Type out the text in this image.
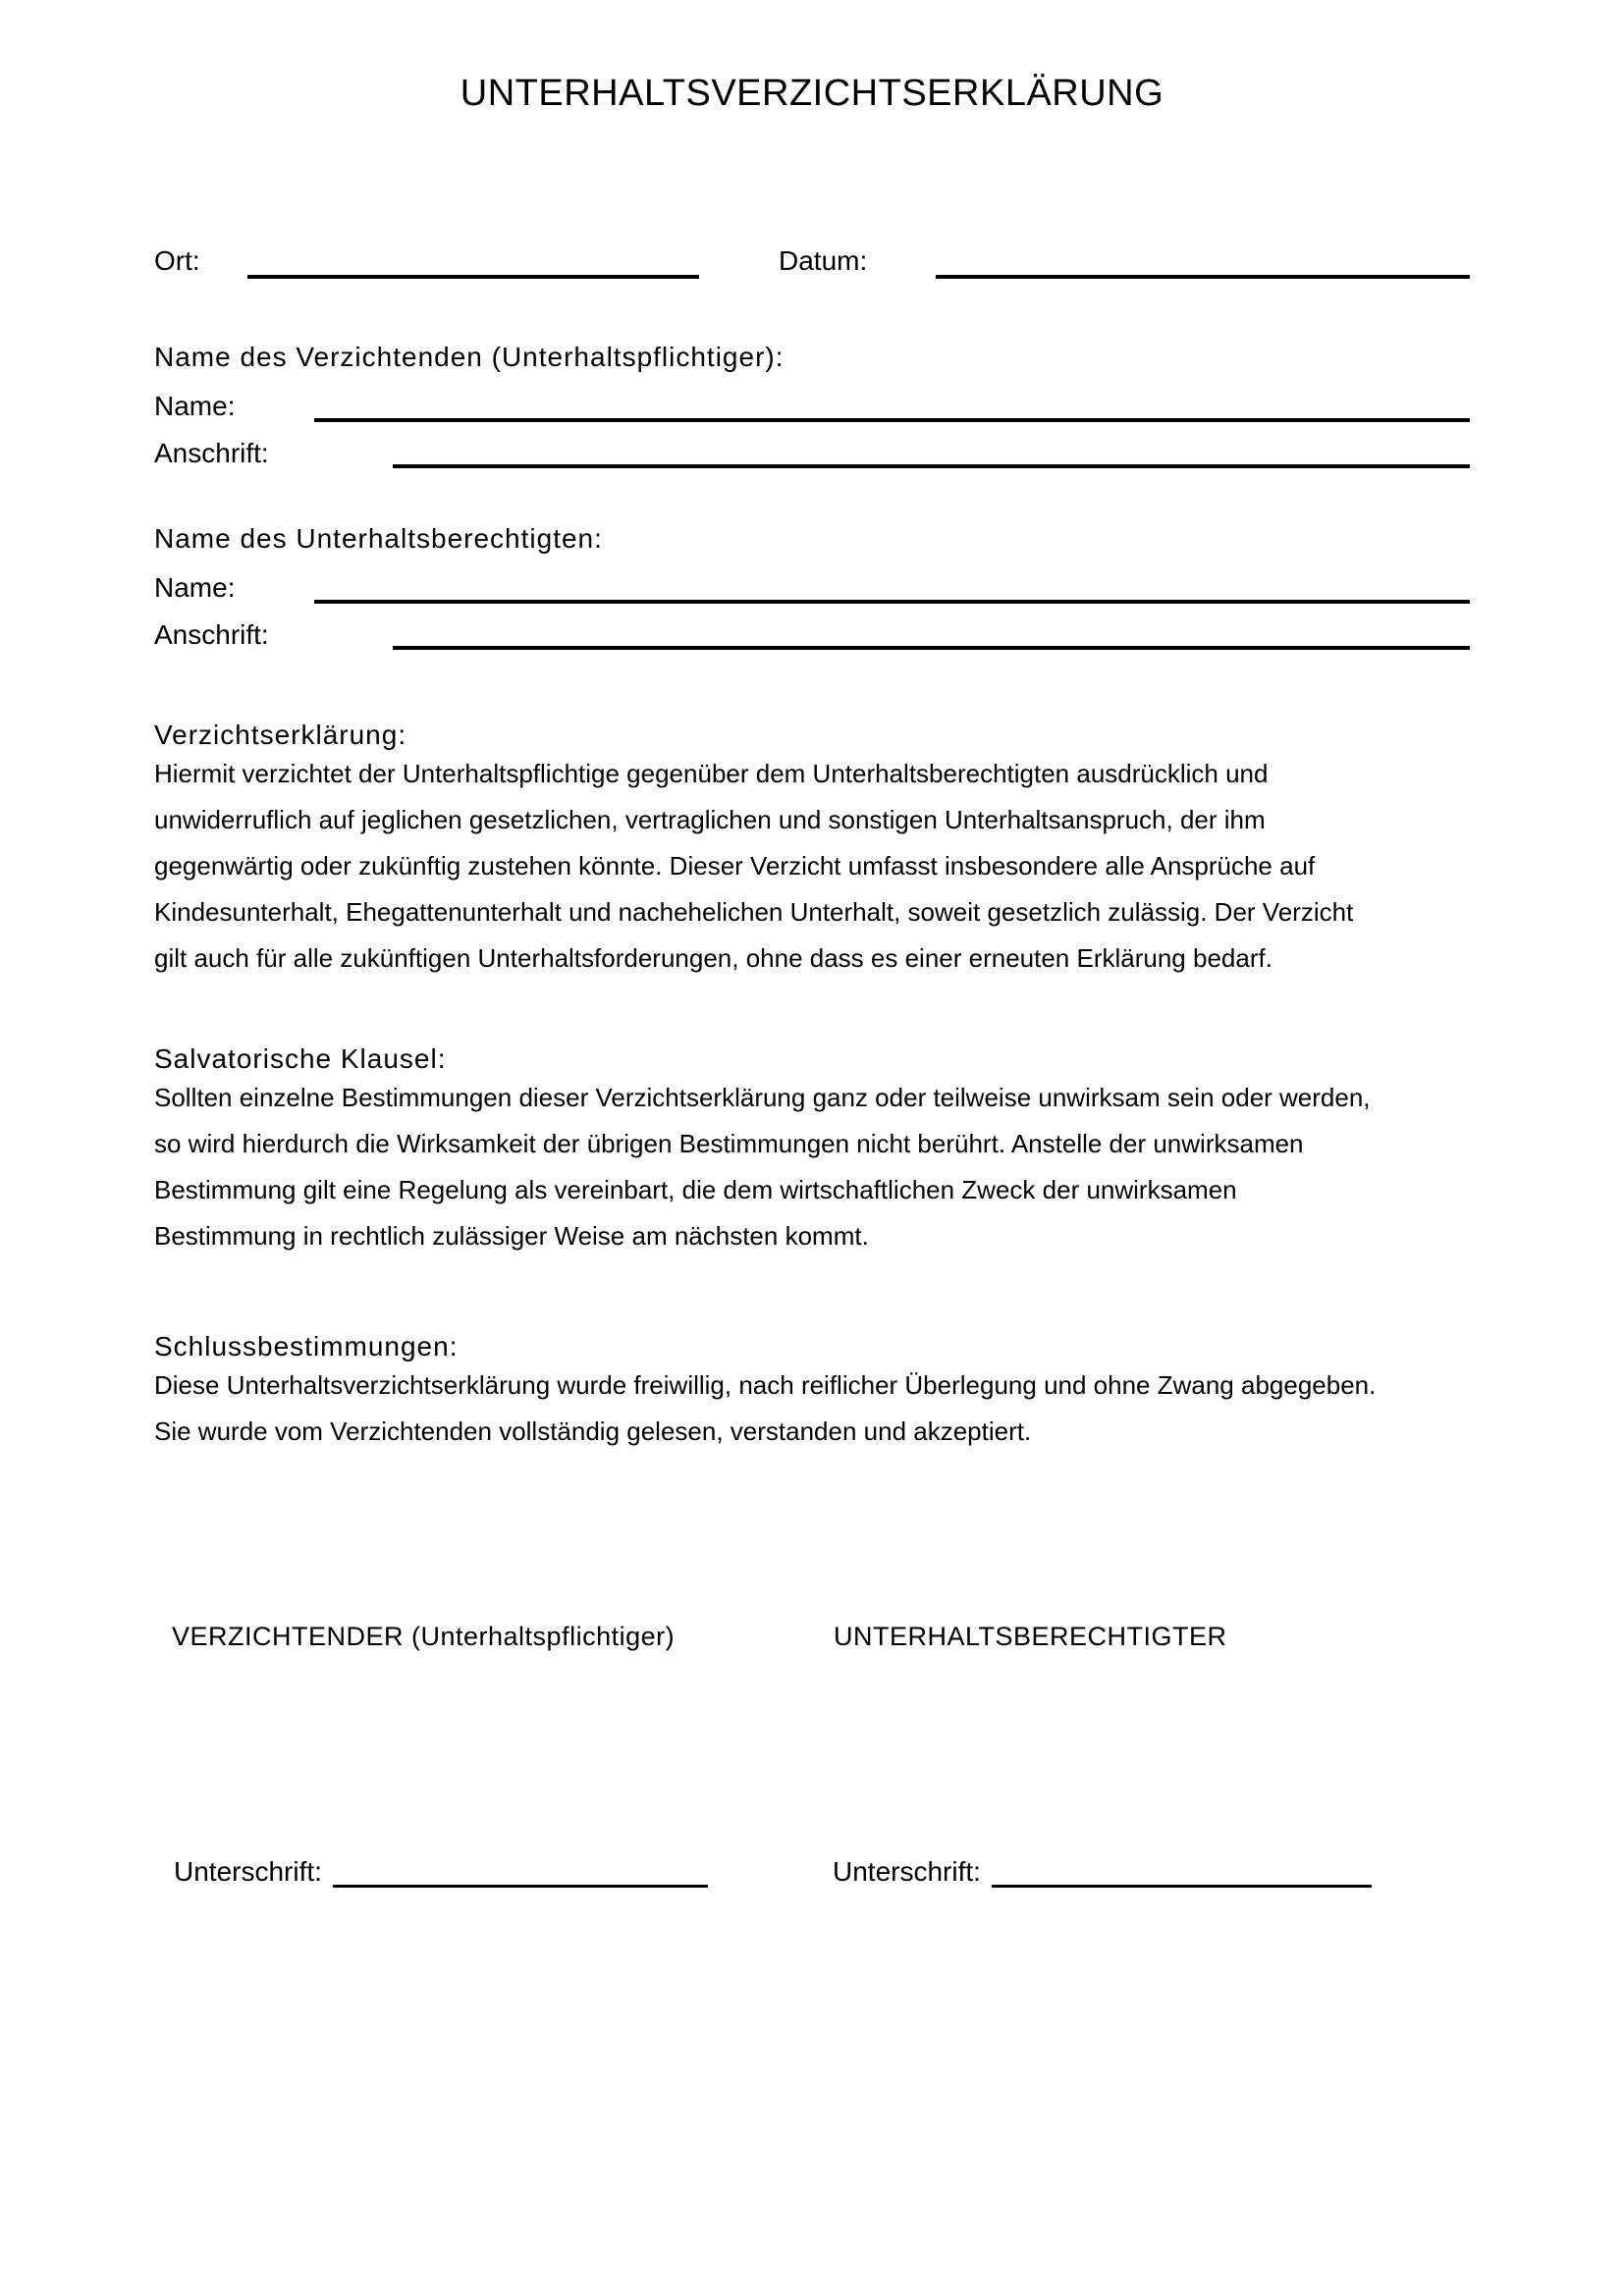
UNTERHALTSVERZICHTSERKLÄRUNG
Ort:	Datum:
Name des Verzichtenden (Unterhaltspflichtiger):
Name:
Anschrift:
Name des Unterhaltsberechtigten:
Name:
Anschrift:
Verzichtserklärung:
Hiermit verzichtet der Unterhaltspflichtige gegenüber dem Unterhaltsberechtigten ausdrücklich und
unwiderruflich auf jeglichen gesetzlichen, vertraglichen und sonstigen Unterhaltsanspruch, der ihm
gegenwärtig oder zukünftig zustehen könnte. Dieser Verzicht umfasst insbesondere alle Ansprüche auf
Kindesunterhalt, Ehegattenunterhalt und nachehelichen Unterhalt, soweit gesetzlich zulässig. Der Verzicht
gilt auch für alle zukünftigen Unterhaltsforderungen, ohne dass es einer erneuten Erklärung bedarf.
Salvatorische Klausel:
Sollten einzelne Bestimmungen dieser Verzichtserklärung ganz oder teilweise unwirksam sein oder werden,
so wird hierdurch die Wirksamkeit der übrigen Bestimmungen nicht berührt. Anstelle der unwirksamen
Bestimmung gilt eine Regelung als vereinbart, die dem wirtschaftlichen Zweck der unwirksamen
Bestimmung in rechtlich zulässiger Weise am nächsten kommt.
Schlussbestimmungen:
Diese Unterhaltsverzichtserklärung wurde freiwillig, nach reiflicher Überlegung und ohne Zwang abgegeben.
Sie wurde vom Verzichtenden vollständig gelesen, verstanden und akzeptiert.
VERZICHTENDER (Unterhaltspflichtiger)	UNTERHALTSBERECHTIGTER
Unterschrift:	Unterschrift:
